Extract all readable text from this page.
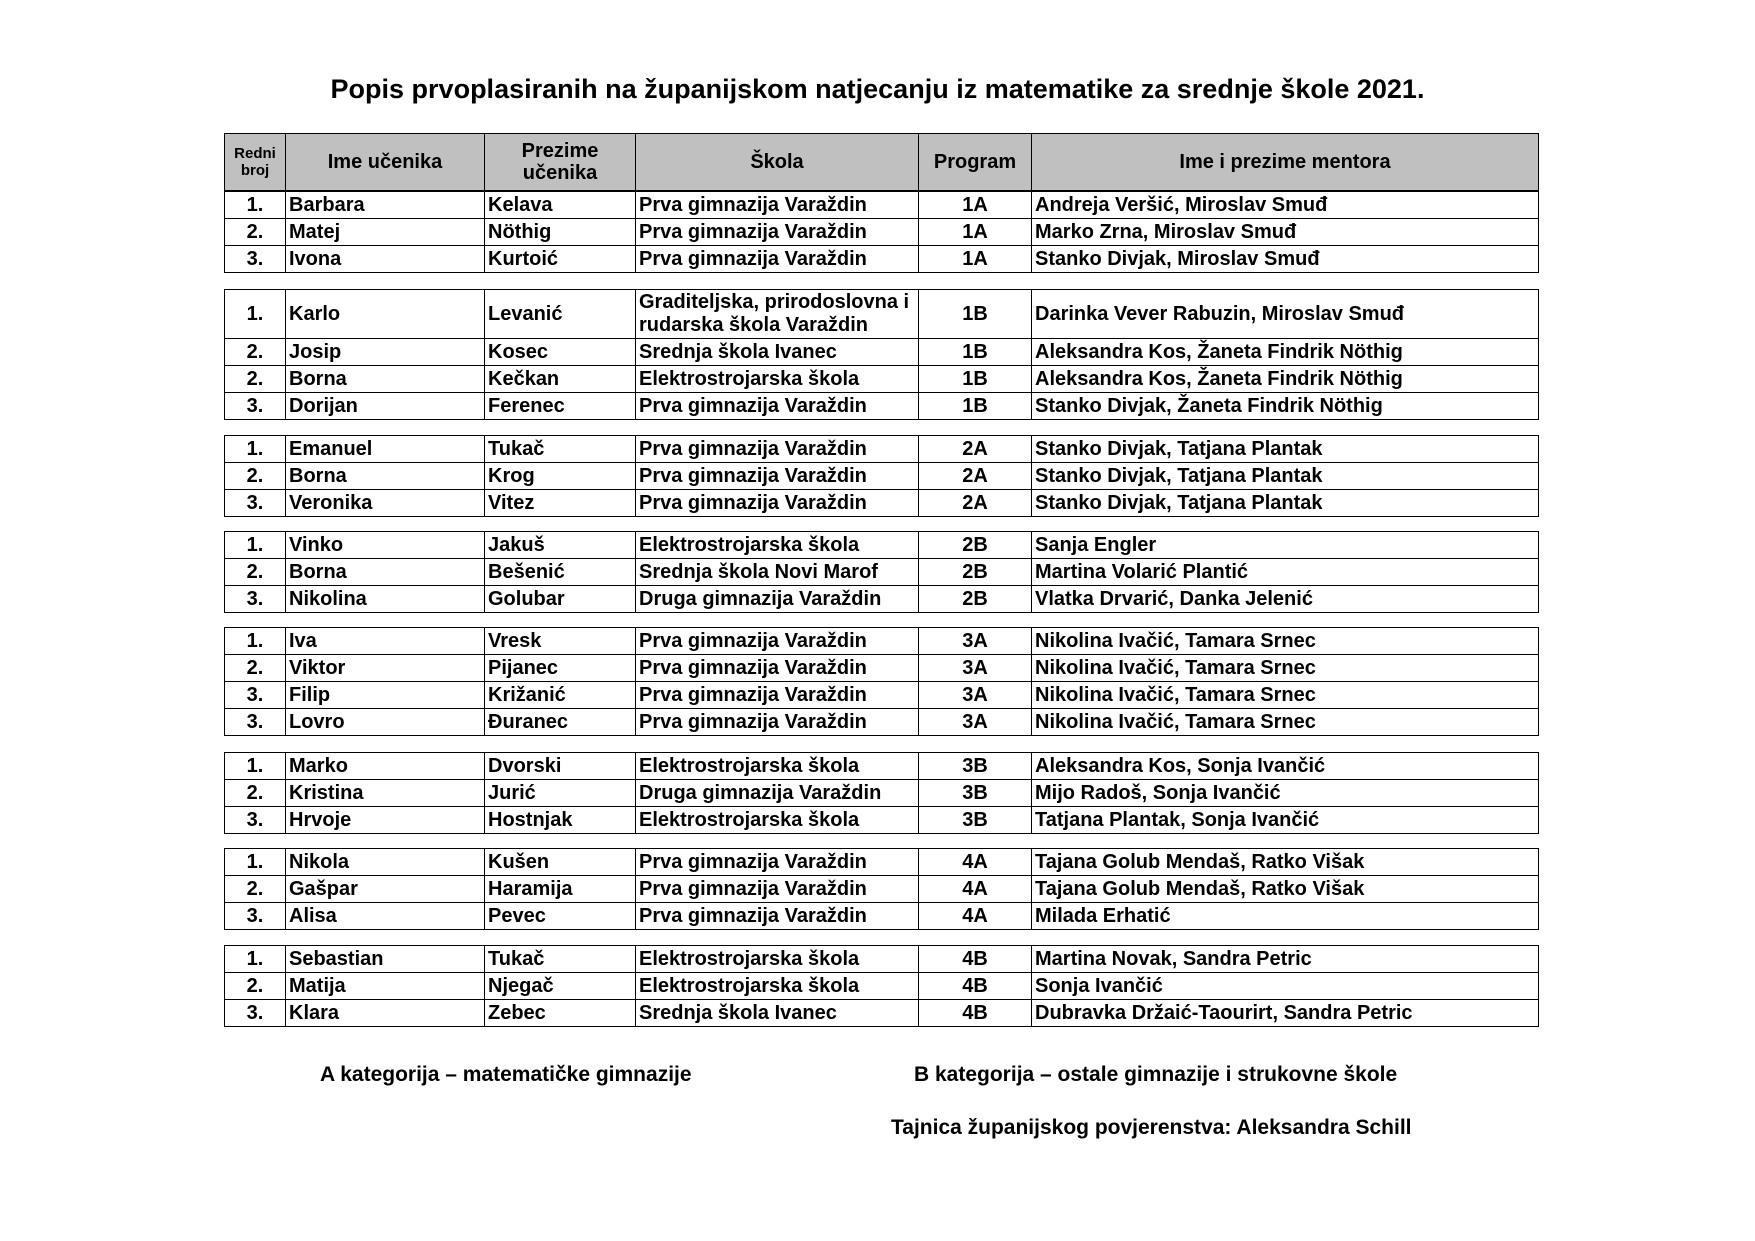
Popis prvoplasiranih na županijskom natjecanju iz matematike za srednje škole 2021.
Redni broj	Ime učenika	Prezime učenika	Škola	Program	Ime i prezime mentora
1.	Barbara	Kelava	Prva gimnazija Varaždin	1A	Andreja Veršić, Miroslav Smuđ
2.	Matej	Nöthig	Prva gimnazija Varaždin	1A	Marko Zrna, Miroslav Smuđ
3.	Ivona	Kurtoić	Prva gimnazija Varaždin	1A	Stanko Divjak, Miroslav Smuđ
1.	Karlo	Levanić	Graditeljska, prirodoslovna i rudarska škola Varaždin	1B	Darinka Vever Rabuzin, Miroslav Smuđ
2.	Josip	Kosec	Srednja škola Ivanec	1B	Aleksandra Kos, Žaneta Findrik Nöthig
2.	Borna	Kečkan	Elektrostrojarska škola	1B	Aleksandra Kos, Žaneta Findrik Nöthig
3.	Dorijan	Ferenec	Prva gimnazija Varaždin	1B	Stanko Divjak, Žaneta Findrik Nöthig
1.	Emanuel	Tukač	Prva gimnazija Varaždin	2A	Stanko Divjak, Tatjana Plantak
2.	Borna	Krog	Prva gimnazija Varaždin	2A	Stanko Divjak, Tatjana Plantak
3.	Veronika	Vitez	Prva gimnazija Varaždin	2A	Stanko Divjak, Tatjana Plantak
1.	Vinko	Jakuš	Elektrostrojarska škola	2B	Sanja Engler
2.	Borna	Bešenić	Srednja škola Novi Marof	2B	Martina Volarić Plantić
3.	Nikolina	Golubar	Druga gimnazija Varaždin	2B	Vlatka Drvarić, Danka Jelenić
1.	Iva	Vresk	Prva gimnazija Varaždin	3A	Nikolina Ivačić, Tamara Srnec
2.	Viktor	Pijanec	Prva gimnazija Varaždin	3A	Nikolina Ivačić, Tamara Srnec
3.	Filip	Križanić	Prva gimnazija Varaždin	3A	Nikolina Ivačić, Tamara Srnec
3.	Lovro	Đuranec	Prva gimnazija Varaždin	3A	Nikolina Ivačić, Tamara Srnec
1.	Marko	Dvorski	Elektrostrojarska škola	3B	Aleksandra Kos, Sonja Ivančić
2.	Kristina	Jurić	Druga gimnazija Varaždin	3B	Mijo Radoš, Sonja Ivančić
3.	Hrvoje	Hostnjak	Elektrostrojarska škola	3B	Tatjana Plantak, Sonja Ivančić
1.	Nikola	Kušen	Prva gimnazija Varaždin	4A	Tajana Golub Mendaš, Ratko Višak
2.	Gašpar	Haramija	Prva gimnazija Varaždin	4A	Tajana Golub Mendaš, Ratko Višak
3.	Alisa	Pevec	Prva gimnazija Varaždin	4A	Milada Erhatić
1.	Sebastian	Tukač	Elektrostrojarska škola	4B	Martina Novak, Sandra Petric
2.	Matija	Njegač	Elektrostrojarska škola	4B	Sonja Ivančić
3.	Klara	Zebec	Srednja škola Ivanec	4B	Dubravka Držaić-Taourirt, Sandra Petric

A kategorija – matematičke gimnazije	B kategorija – ostale gimnazije i strukovne škole

Tajnica županijskog povjerenstva: Aleksandra Schill
